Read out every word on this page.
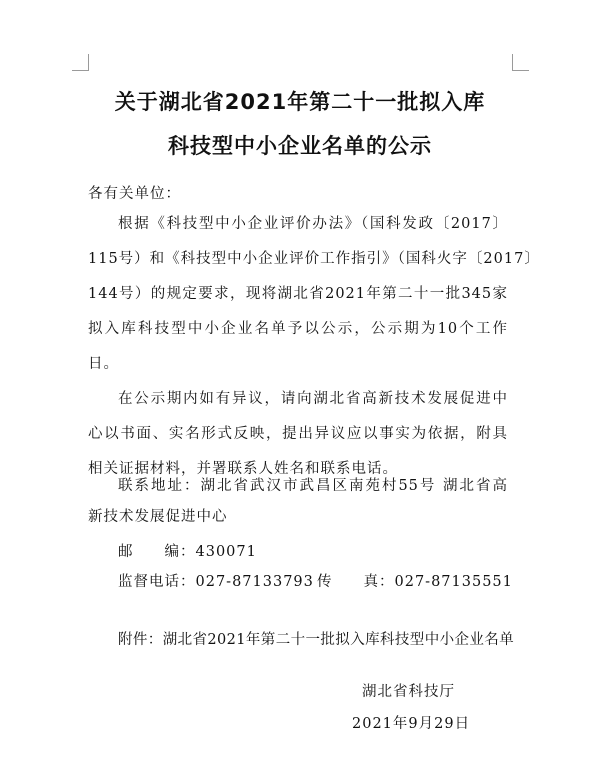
关于湖北省2021年第二十一批拟入库
科技型中小企业名单的公示
各有关单位：
根据《科技型中小企业评价办法》（国科发政〔2017〕
115号）和《科技型中小企业评价工作指引》（国科火字〔2017〕
144号）的规定要求，现将湖北省2021年第二十一批345家
拟入库科技型中小企业名单予以公示，公示期为10个工作
日。
在公示期内如有异议，请向湖北省高新技术发展促进中
心以书面、实名形式反映，提出异议应以事实为依据，附具
相关证据材料，并署联系人姓名和联系电话。
联系地址：湖北省武汉市武昌区南苑村55号 湖北省高
新技术发展促进中心
邮　　编：430071
监督电话：027-87133793 传　　真：027-87135551
附件：湖北省2021年第二十一批拟入库科技型中小企业名单
湖北省科技厅
2021年9月29日
